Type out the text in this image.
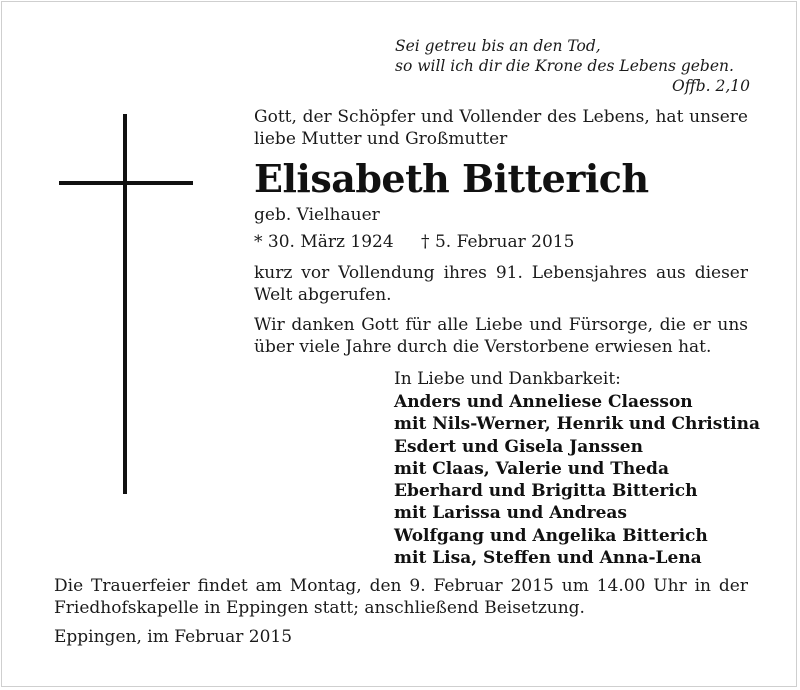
Sei getreu bis an den Tod,
so will ich dir die Krone des Lebens geben.
Offb. 2,10
Gott, der Schöpfer und Vollender des Lebens, hat unsere liebe Mutter und Großmutter
Elisabeth Bitterich
geb. Vielhauer
* 30. März 1924 † 5. Februar 2015
kurz vor Vollendung ihres 91. Lebensjahres aus dieser Welt abgerufen.
Wir danken Gott für alle Liebe und Fürsorge, die er uns über viele Jahre durch die Verstorbene erwiesen hat.
In Liebe und Dankbarkeit:
Anders und Anneliese Claesson
mit Nils-Werner, Henrik und Christina
Esdert und Gisela Janssen
mit Claas, Valerie und Theda
Eberhard und Brigitta Bitterich
mit Larissa und Andreas
Wolfgang und Angelika Bitterich
mit Lisa, Steffen und Anna-Lena
Die Trauerfeier findet am Montag, den 9. Februar 2015 um 14.00 Uhr in der Friedhofskapelle in Eppingen statt; anschließend Beisetzung.
Eppingen, im Februar 2015
